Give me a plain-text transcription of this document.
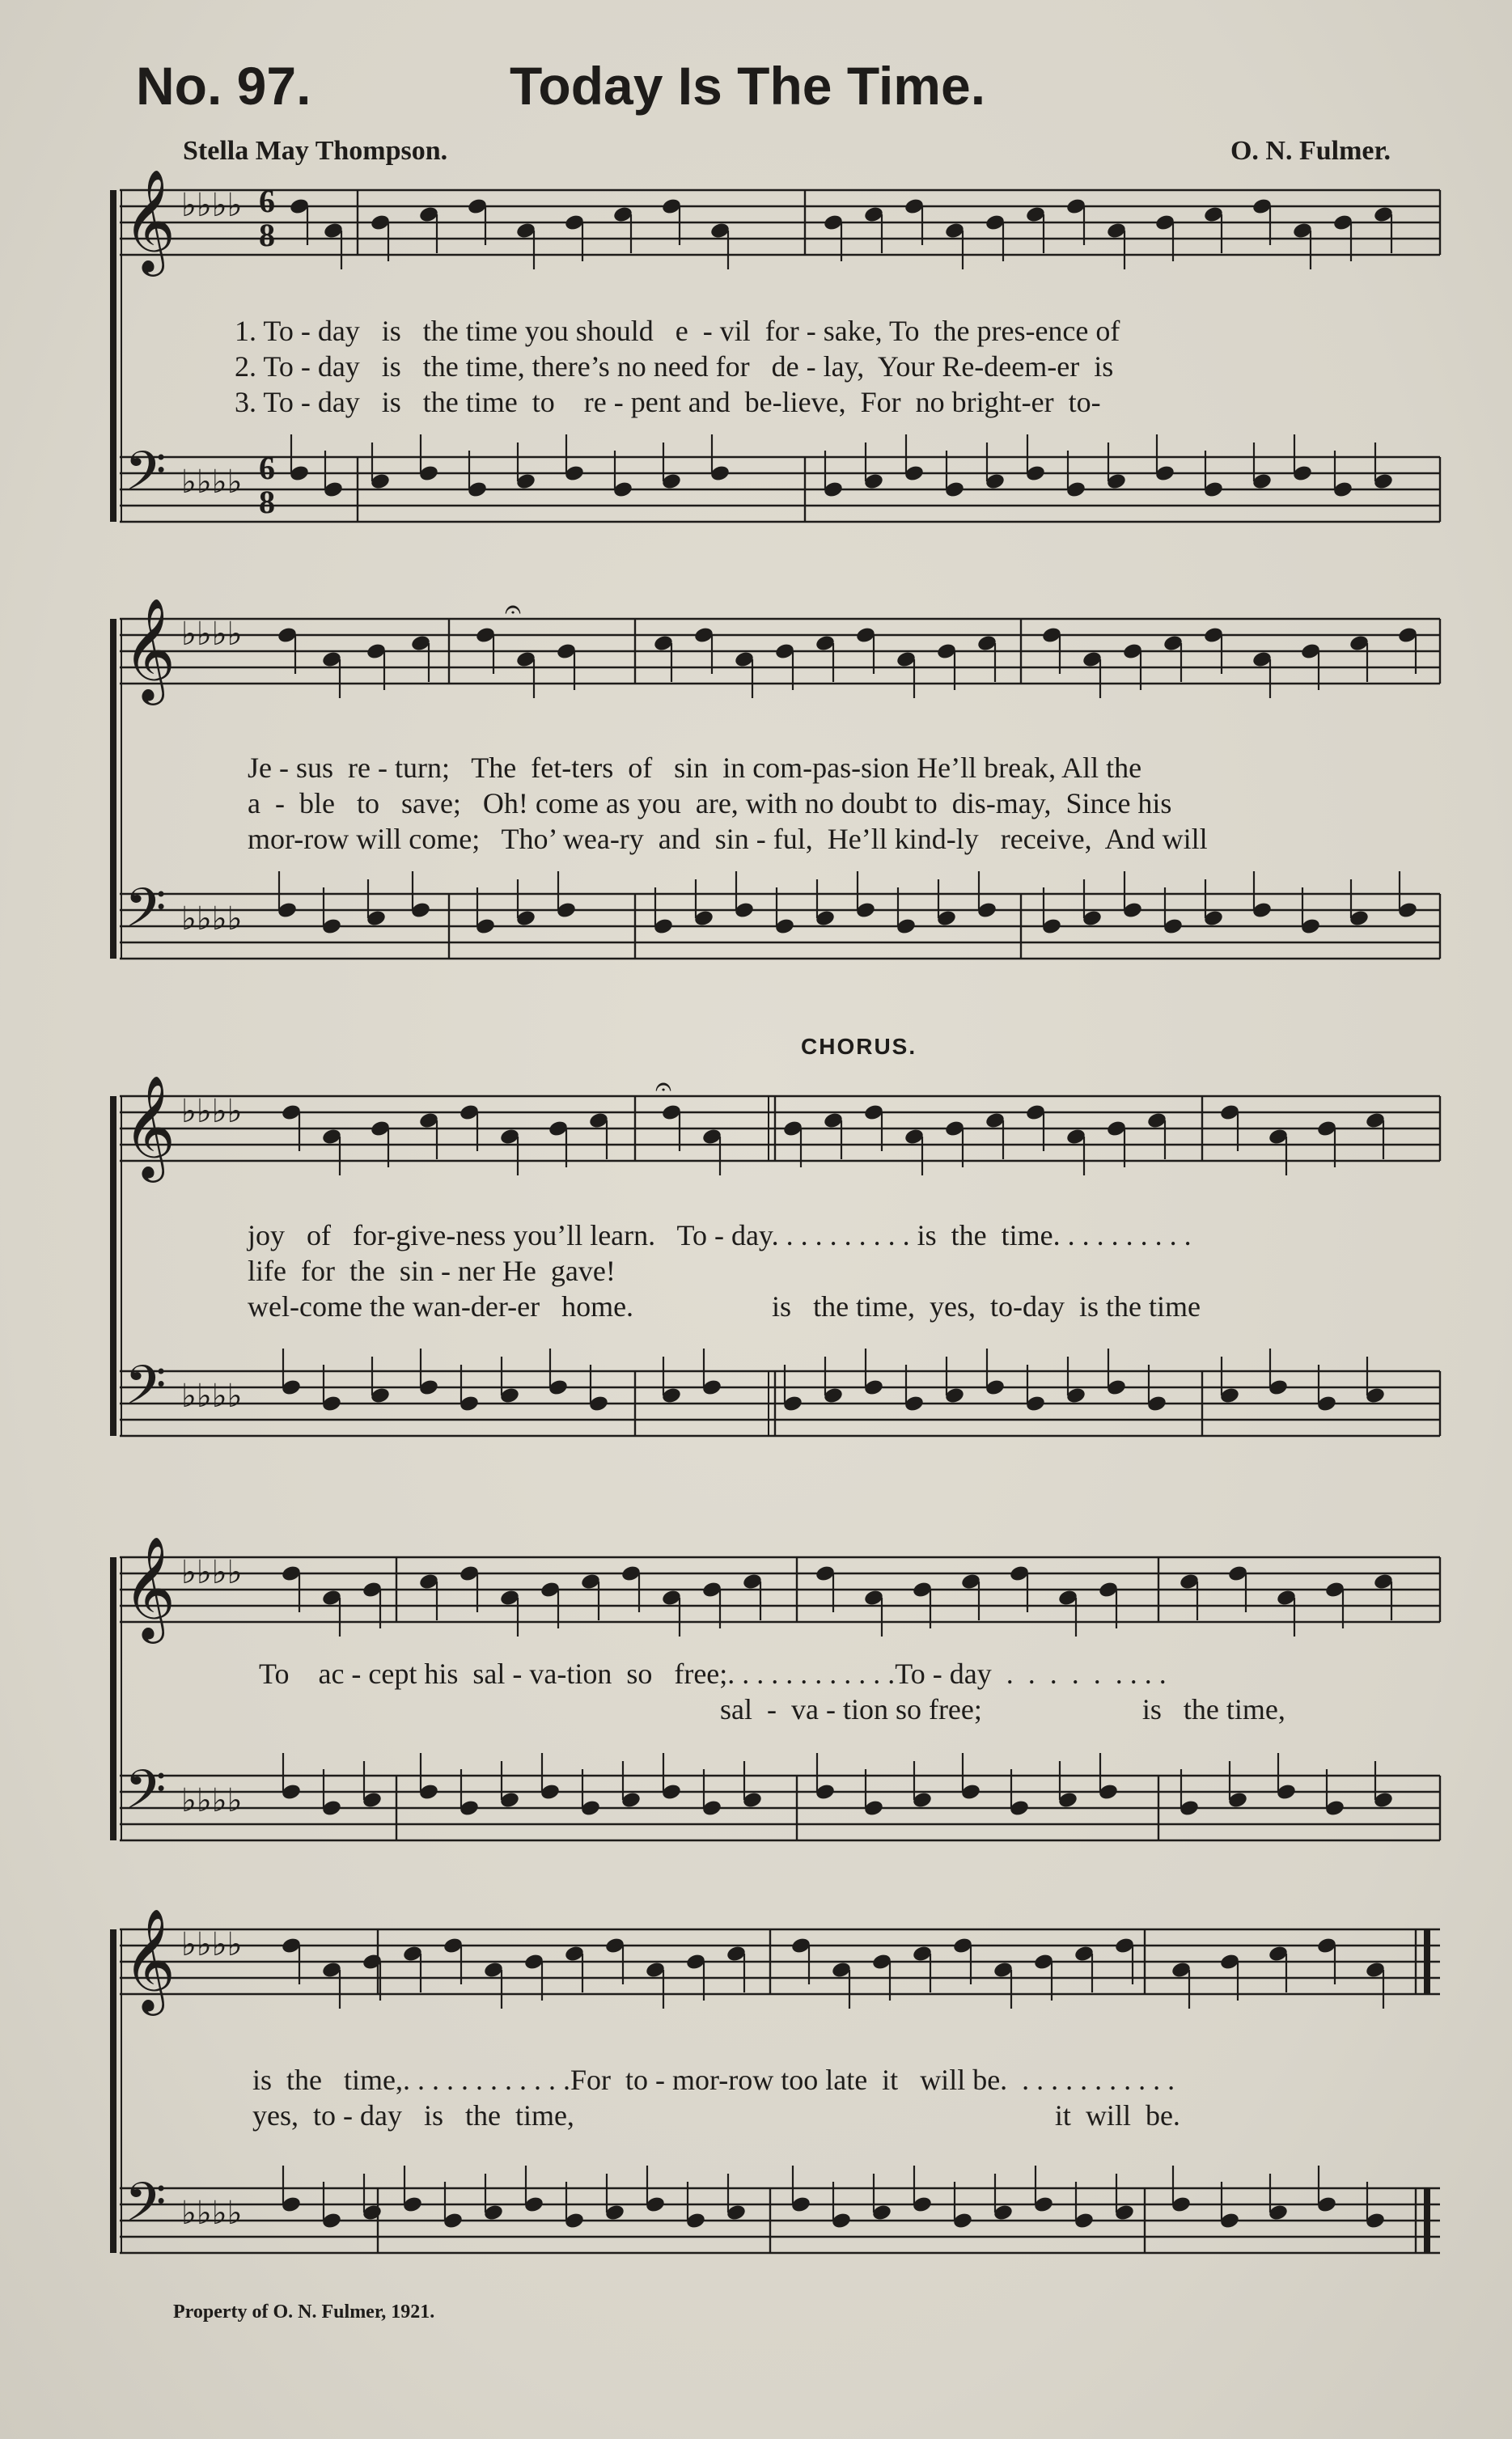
No. 97.	Today Is The Time.
Stella May Thompson.	O. N. Fulmer.
𝄞 ♭♭♭♭
𝄢 ♭♭♭♭
6
8
6
8
1. To - day   is   the time you should   e  - vil  for - sake, To  the pres-ence of
2. To - day   is   the time, there’s no need for   de - lay,  Your Re-deem-er  is
3. To - day   is   the time  to    re - pent and  be-lieve,  For  no bright-er  to-
𝄞 ♭♭♭♭
𝄢 ♭♭♭♭
𝄐
Je - sus  re - turn;   The  fet-ters  of   sin  in com-pas-sion He’ll break, All the
a  -  ble   to   save;   Oh! come as you  are, with no doubt to  dis-may,  Since his
mor-row will come;   Tho’ wea-ry  and  sin - ful,  He’ll kind-ly   receive,  And will
CHORUS.
𝄞 ♭♭♭♭
𝄢 ♭♭♭♭
𝄐
joy   of   for-give-ness you’ll learn.   To - day. . . . . . . . . . is  the  time. . . . . . . . . .
life  for  the  sin - ner He  gave!
wel-come the wan-der-er   home.                   is   the time,  yes,  to-day  is the time
𝄞 ♭♭♭♭
𝄢 ♭♭♭♭
To    ac - cept his  sal - va-tion  so   free;. . . . . . . . . . . .To - day  .  .  .  .  .  . . . .
sal  -  va - tion so free;                      is   the time,
𝄞 ♭♭♭♭
𝄢 ♭♭♭♭
is  the   time,. . . . . . . . . . . .For  to - mor-row too late  it   will be.  . . . . . . . . . . .
yes,  to - day   is   the  time,                                                                  it  will  be.
Property of O. N. Fulmer, 1921.
